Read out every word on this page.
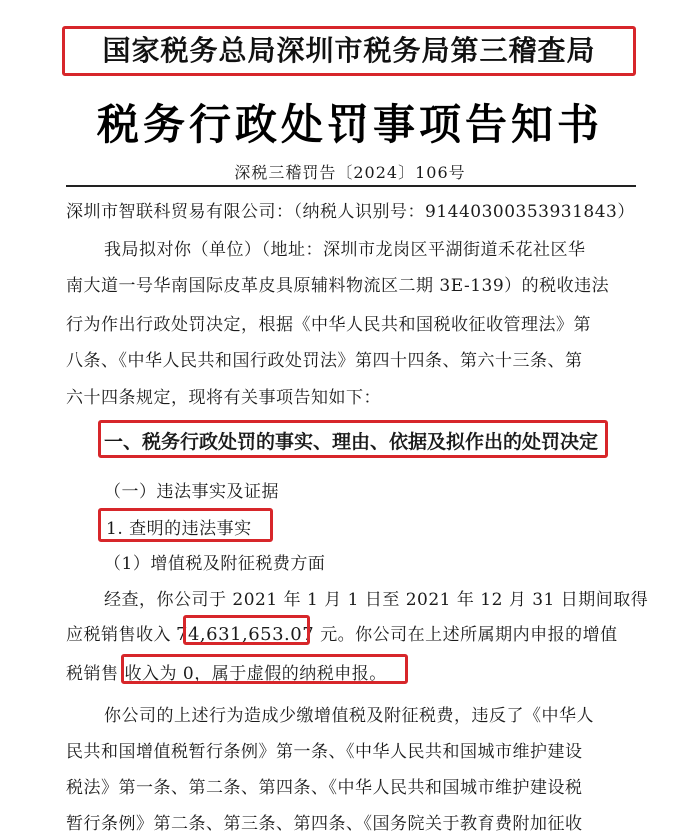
国家税务总局深圳市税务局第三稽查局
税务行政处罚事项告知书
深税三稽罚告〔2024〕106号
深圳市智联科贸易有限公司：（纳税人识别号：91440300353931843）
我局拟对你（单位）（地址：深圳市龙岗区平湖街道禾花社区华
南大道一号华南国际皮革皮具原辅料物流区二期 3E-139）的税收违法
行为作出行政处罚决定，根据《中华人民共和国税收征收管理法》第
八条、《中华人民共和国行政处罚法》第四十四条、第六十三条、第
六十四条规定，现将有关事项告知如下：
一、税务行政处罚的事实、理由、依据及拟作出的处罚决定
（一）违法事实及证据
1. 查明的违法事实
（1）增值税及附征税费方面
经查，你公司于 2021 年 1 月 1 日至 2021 年 12 月 31 日期间取得
应税销售收入 74,631,653.07 元。你公司在上述所属期内申报的增值
税销售 收入为 0，属于虚假的纳税申报。
你公司的上述行为造成少缴增值税及附征税费，违反了《中华人
民共和国增值税暂行条例》第一条、《中华人民共和国城市维护建设
税法》第一条、第二条、第四条、《中华人民共和国城市维护建设税
暂行条例》第二条、第三条、第四条、《国务院关于教育费附加征收
